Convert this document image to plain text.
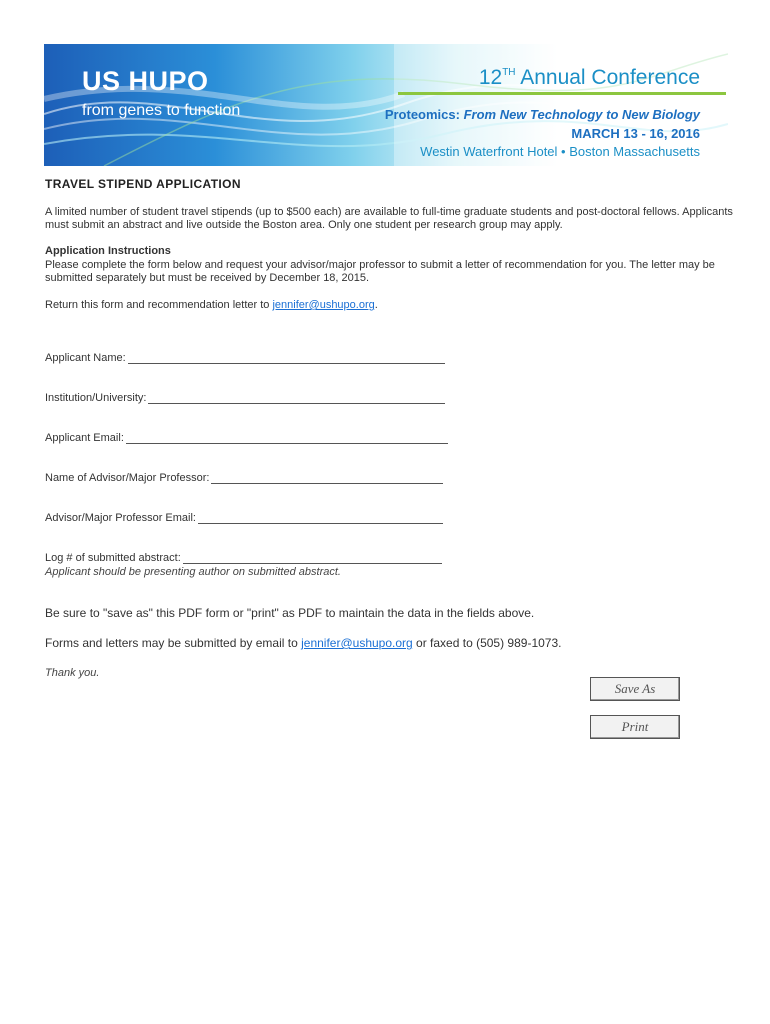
US HUPO
from genes to function
12TH Annual Conference
Proteomics: From New Technology to New Biology
MARCH 13 - 16, 2016
Westin Waterfront Hotel • Boston Massachusetts
TRAVEL STIPEND APPLICATION
A limited number of student travel stipends (up to $500 each) are available to full-time graduate students and post-doctoral fellows. Applicants must submit an abstract and live outside the Boston area. Only one student per research group may apply.
Application Instructions
Please complete the form below and request your advisor/major professor to submit a letter of recommendation for you. The letter may be submitted separately but must be received by December 18, 2015.
Return this form and recommendation letter to jennifer@ushupo.org.
Applicant Name:
Institution/University:
Applicant Email:
Name of Advisor/Major Professor:
Advisor/Major Professor Email:
Log # of submitted abstract:
Applicant should be presenting author on submitted abstract.
Be sure to "save as" this PDF form or "print" as PDF to maintain the data in the fields above.
Forms and letters may be submitted by email to jennifer@ushupo.org or faxed to (505) 989-1073.
Thank you.
Save As
Print
